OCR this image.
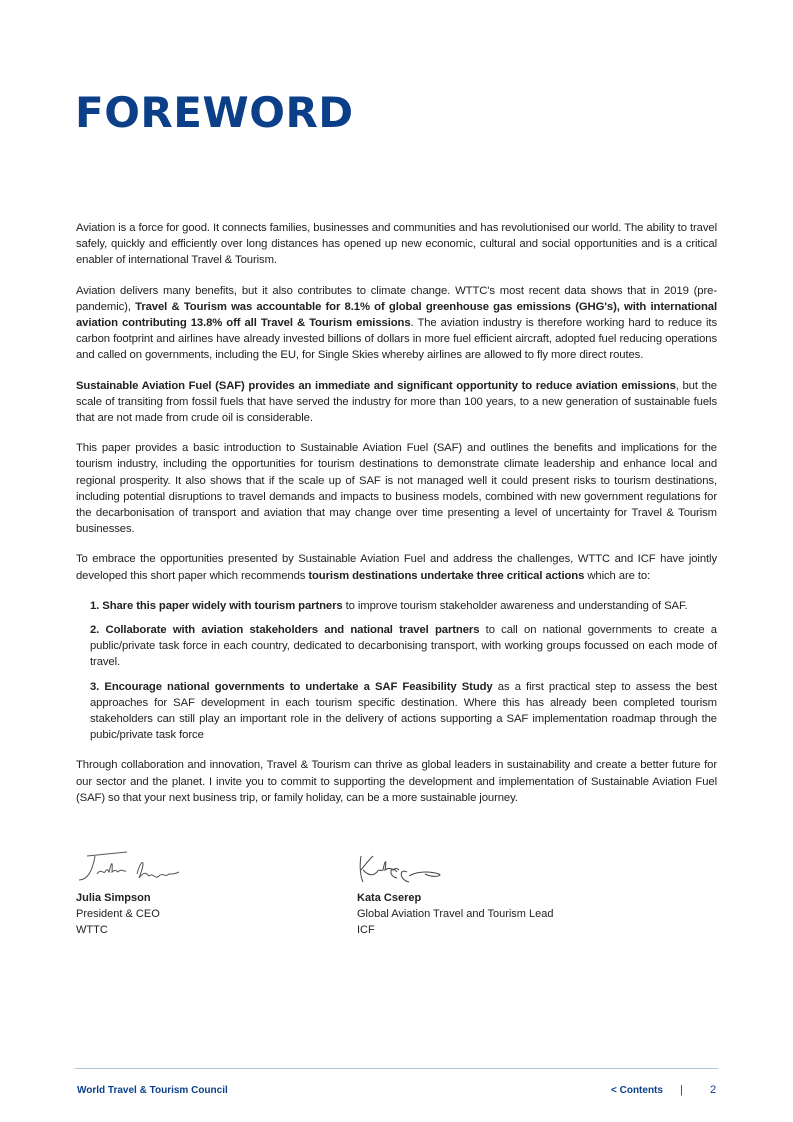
FOREWORD

Aviation is a force for good. It connects families, businesses and communities and has revolutionised our world. The ability to travel safely, quickly and efficiently over long distances has opened up new economic, cultural and social opportunities and is a critical enabler of international Travel & Tourism.

Aviation delivers many benefits, but it also contributes to climate change. WTTC's most recent data shows that in 2019 (pre-pandemic), Travel & Tourism was accountable for 8.1% of global greenhouse gas emissions (GHG's), with international aviation contributing 13.8% off all Travel & Tourism emissions. The aviation industry is therefore working hard to reduce its carbon footprint and airlines have already invested billions of dollars in more fuel efficient aircraft, adopted fuel reducing operations and called on governments, including the EU, for Single Skies whereby airlines are allowed to fly more direct routes.

Sustainable Aviation Fuel (SAF) provides an immediate and significant opportunity to reduce aviation emissions, but the scale of transiting from fossil fuels that have served the industry for more than 100 years, to a new generation of sustainable fuels that are not made from crude oil is considerable.

This paper provides a basic introduction to Sustainable Aviation Fuel (SAF) and outlines the benefits and implications for the tourism industry, including the opportunities for tourism destinations to demonstrate climate leadership and enhance local and regional prosperity. It also shows that if the scale up of SAF is not managed well it could present risks to tourism destinations, including potential disruptions to travel demands and impacts to business models, combined with new government regulations for the decarbonisation of transport and aviation that may change over time presenting a level of uncertainty for Travel & Tourism businesses.

To embrace the opportunities presented by Sustainable Aviation Fuel and address the challenges, WTTC and ICF have jointly developed this short paper which recommends tourism destinations undertake three critical actions which are to:

1. Share this paper widely with tourism partners to improve tourism stakeholder awareness and understanding of SAF.

2. Collaborate with aviation stakeholders and national travel partners to call on national governments to create a public/private task force in each country, dedicated to decarbonising transport, with working groups focussed on each mode of travel.

3. Encourage national governments to undertake a SAF Feasibility Study as a first practical step to assess the best approaches for SAF development in each tourism specific destination. Where this has already been completed tourism stakeholders can still play an important role in the delivery of actions supporting a SAF implementation roadmap through the pubic/private task force

Through collaboration and innovation, Travel & Tourism can thrive as global leaders in sustainability and create a better future for our sector and the planet. I invite you to commit to supporting the development and implementation of Sustainable Aviation Fuel (SAF) so that your next business trip, or family holiday, can be a more sustainable journey.

Julia Simpson
President & CEO
WTTC
Kata Cserep
Global Aviation Travel and Tourism Lead
ICF
World Travel & Tourism Council	< Contents | 2
